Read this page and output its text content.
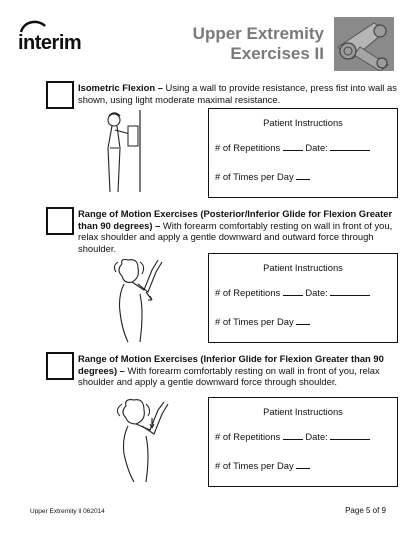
interim	Upper Extremity
Exercises II
Isometric Flexion – Using a wall to provide resistance, press fist into wall as shown, using light moderate maximal resistance.
Patient Instructions
# of Repetitions	Date:
# of Times per Day
Range of Motion Exercises (Posterior/Inferior Glide for Flexion Greater than 90 degrees) – With forearm comfortably resting on wall in front of you, relax shoulder and apply a gentle downward and outward force through shoulder.
Patient Instructions
# of Repetitions	Date:
# of Times per Day
Range of Motion Exercises (Inferior Glide for Flexion Greater than 90 degrees) – With forearm comfortably resting on wall in front of you, relax shoulder and apply a gentle downward force through shoulder.
Patient Instructions
# of Repetitions	Date:
# of Times per Day
Upper Extremity ll 062014	Page 5 of 9
